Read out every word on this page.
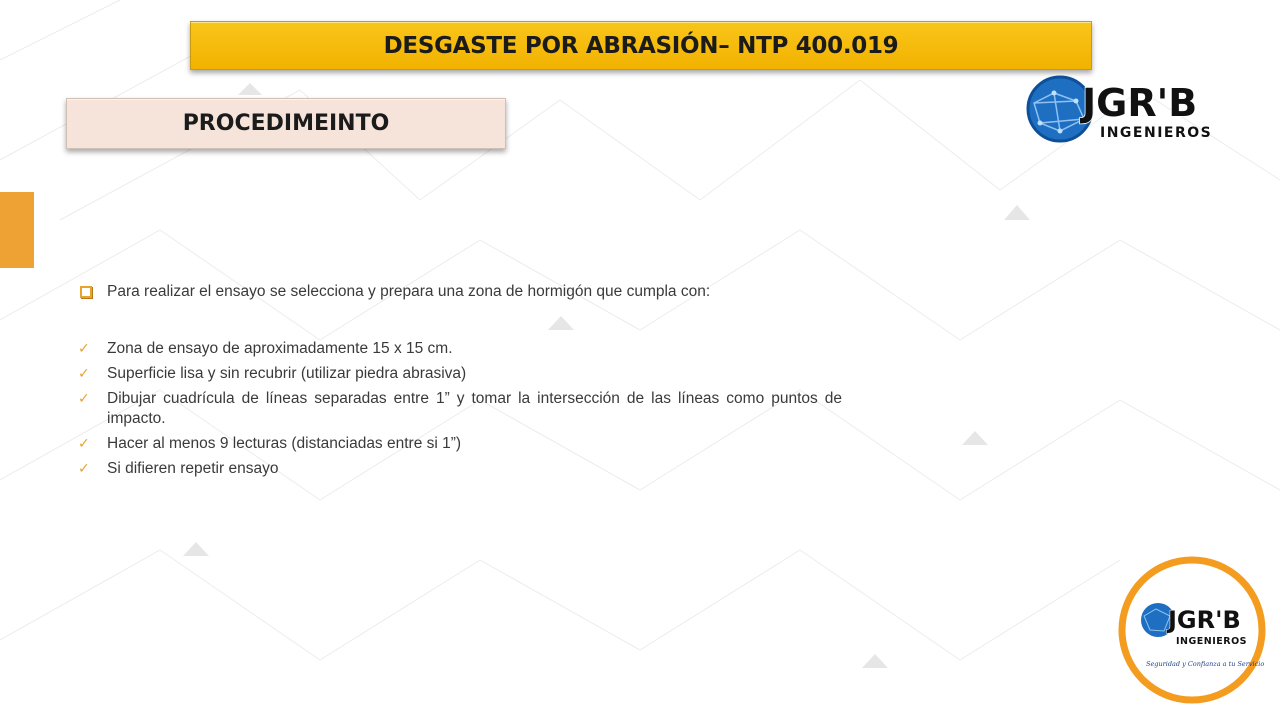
DESGASTE POR ABRASIÓN– NTP 400.019
PROCEDIMEINTO
Para realizar el ensayo se selecciona y prepara una zona de hormigón que cumpla con:
✓ Zona de ensayo de aproximadamente 15 x 15 cm.
✓ Superficie lisa y sin recubrir (utilizar piedra abrasiva)
✓ Dibujar cuadrícula de líneas separadas entre 1” y tomar la intersección de las líneas como puntos de impacto.
✓ Hacer al menos 9 lecturas (distanciadas entre si 1”)
✓ Si difieren repetir ensayo
JGR'B
INGENIEROS
JGR'B
INGENIEROS
Seguridad y Confianza a tu Servicio
